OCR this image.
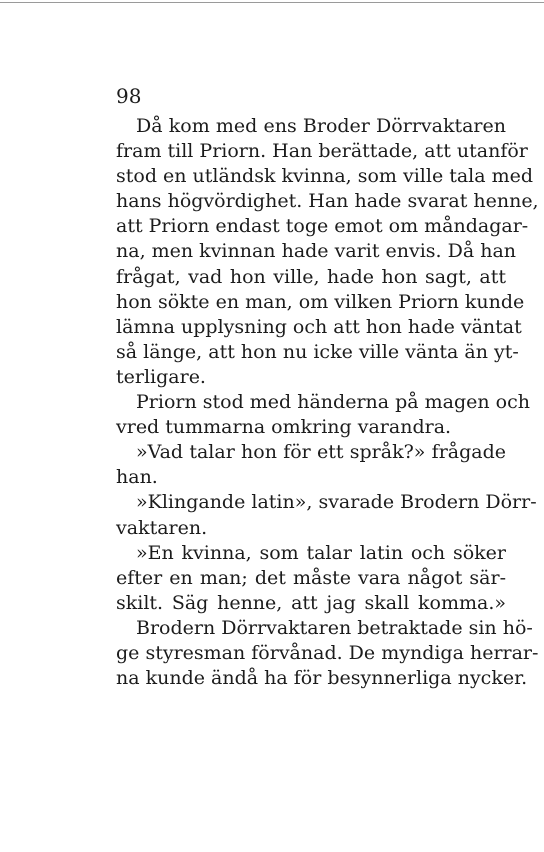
98
Då kom med ens Broder Dörrvaktaren
fram till Priorn. Han berättade, att utanför
stod en utländsk kvinna, som ville tala med
hans högvördighet. Han hade svarat henne,
att Priorn endast toge emot om måndagar-
na, men kvinnan hade varit envis. Då han
frågat, vad hon ville, hade hon sagt, att
hon sökte en man, om vilken Priorn kunde
lämna upplysning och att hon hade väntat
så länge, att hon nu icke ville vänta än yt-
terligare.
Priorn stod med händerna på magen och
vred tummarna omkring varandra.
»Vad talar hon för ett språk?» frågade
han.
»Klingande latin», svarade Brodern Dörr-
vaktaren.
»En kvinna, som talar latin och söker
efter en man; det måste vara något sär-
skilt. Säg henne, att jag skall komma.»
Brodern Dörrvaktaren betraktade sin hö-
ge styresman förvånad. De myndiga herrar-
na kunde ändå ha för besynnerliga nycker.
